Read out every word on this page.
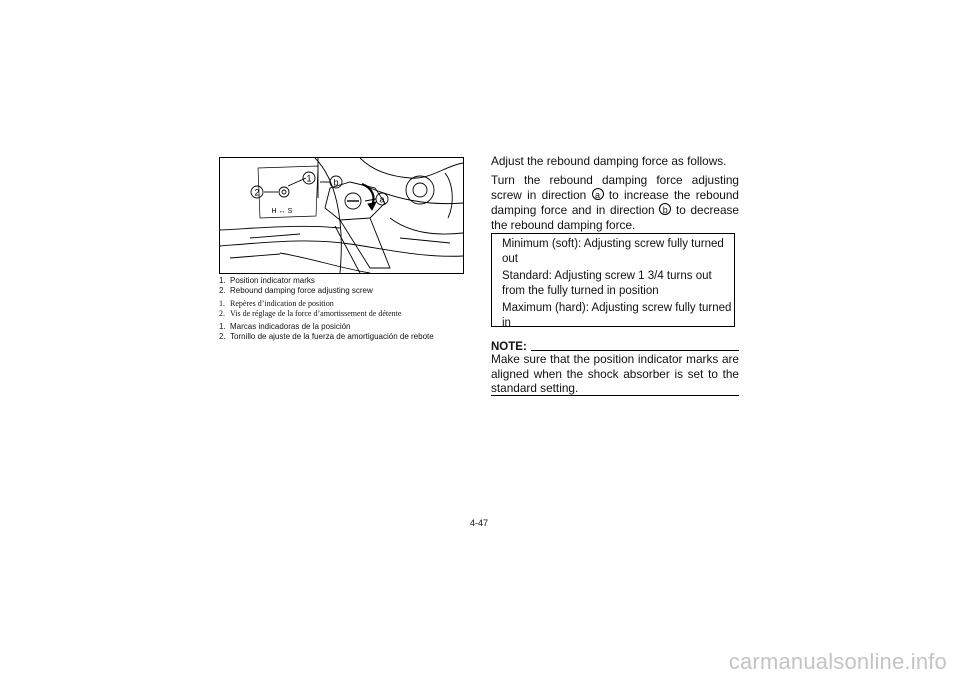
2
1 b
a
H ↔ S
1. Position indicator marks
2. Rebound damping force adjusting screw
1. Repères d’indication de position
2. Vis de réglage de la force d’amortissement de détente
1. Marcas indicadoras de la posición
2. Tornillo de ajuste de la fuerza de amortiguación de rebote
Adjust the rebound damping force as follows.
Turn the rebound damping force adjusting screw in direction a to increase the rebound damping force and in direction b to decrease the rebound damping force.
Minimum (soft): Adjusting screw fully turned out
Standard: Adjusting screw 1 3/4 turns out from the fully turned in position
Maximum (hard): Adjusting screw fully turned in
NOTE:
Make sure that the position indicator marks are aligned when the shock absorber is set to the standard setting.
4-47
carmanualsonline.info
